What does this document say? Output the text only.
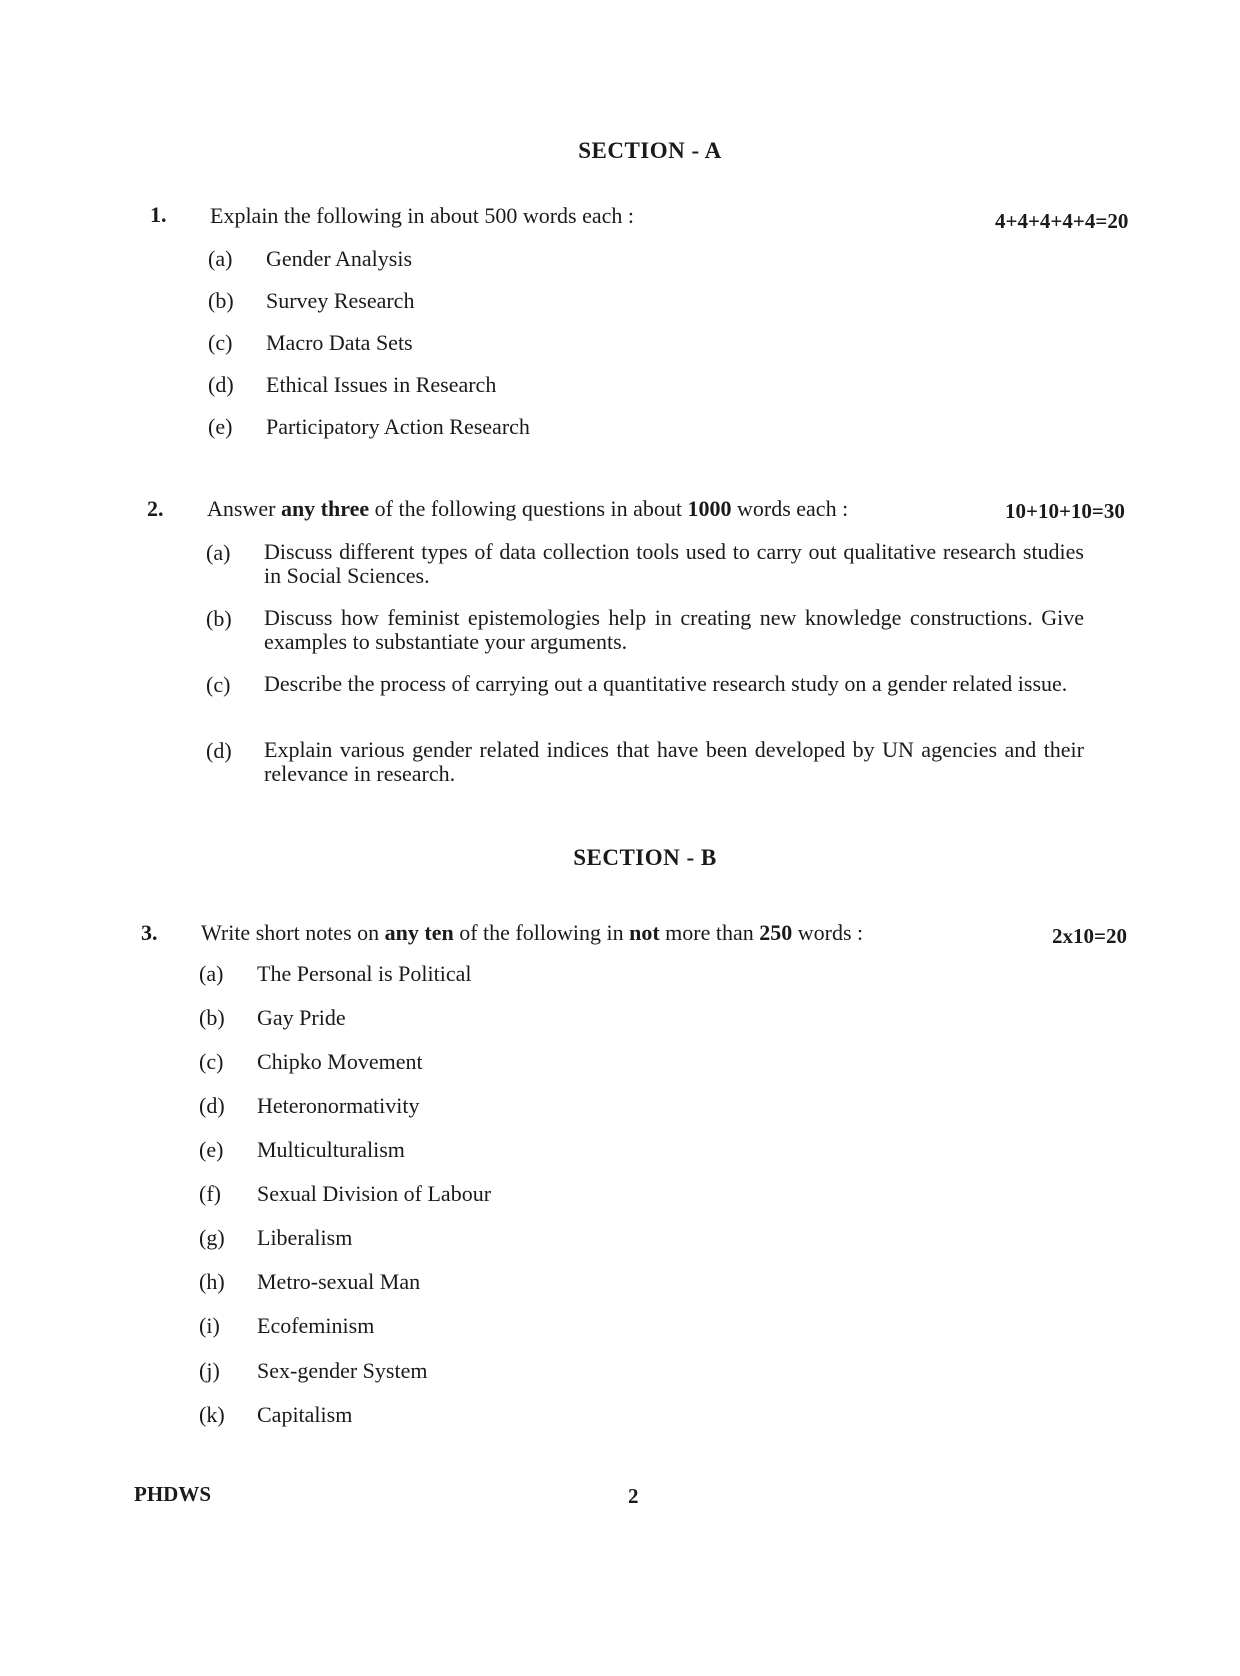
SECTION - A
1. Explain the following in about 500 words each :	4+4+4+4+4=20
(a) Gender Analysis
(b) Survey Research
(c) Macro Data Sets
(d) Ethical Issues in Research
(e) Participatory Action Research
2. Answer any three of the following questions in about 1000 words each :	10+10+10=30
(a) Discuss different types of data collection tools used to carry out qualitative research studies in Social Sciences.
(b) Discuss how feminist epistemologies help in creating new knowledge constructions. Give examples to substantiate your arguments.
(c) Describe the process of carrying out a quantitative research study on a gender related issue.
(d) Explain various gender related indices that have been developed by UN agencies and their relevance in research.
SECTION - B
3. Write short notes on any ten of the following in not more than 250 words :	2x10=20
(a) The Personal is Political
(b) Gay Pride
(c) Chipko Movement
(d) Heteronormativity
(e) Multiculturalism
(f) Sexual Division of Labour
(g) Liberalism
(h) Metro-sexual Man
(i) Ecofeminism
(j) Sex-gender System
(k) Capitalism
PHDWS	2
